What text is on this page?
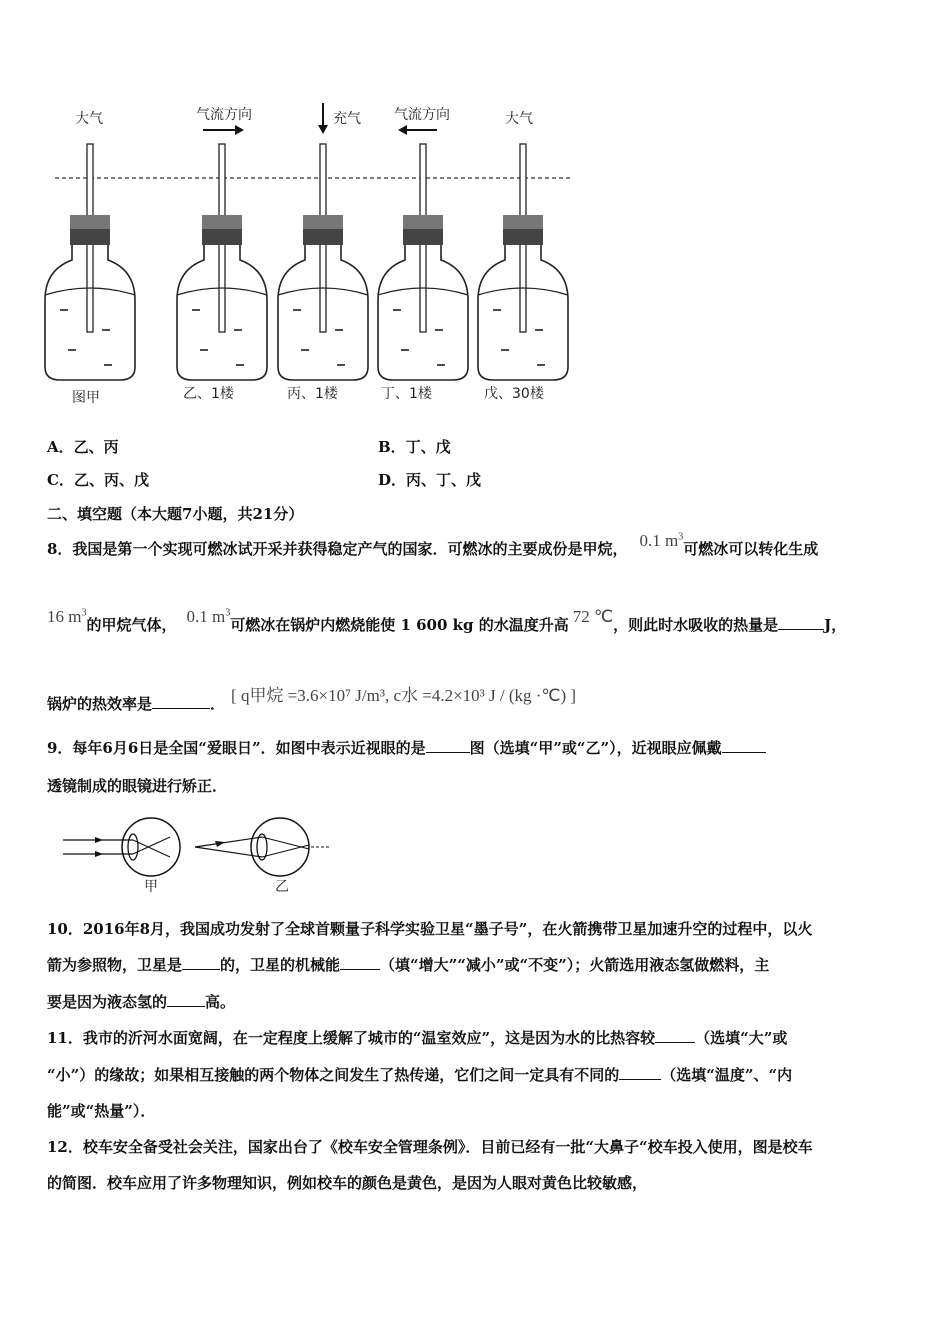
大气	气流方向	充气 气流方向	大气
图甲	乙、1楼	丙、1楼	丁、1楼	戊、30楼
A．乙、丙	B．丁、戊
C．乙、丙、戊	D．丙、丁、戊
二、填空题（本大题7小题，共21分）
8．我国是第一个实现可燃冰试开采并获得稳定产气的国家．可燃冰的主要成份是甲烷， 0.1 $m^3$可燃冰可以转化生成
16 $m^3$的甲烷气体， 0.1 $m^3$可燃冰在锅炉内燃烧能使 1 600 kg 的水温度升高 72 ℃，则此时水吸收的热量是	J，
锅炉的热效率是	． [ q甲烷 =3.6×10⁷ J/m³, c水 =4.2×10³ J / (kg ·℃) ]
9．每年6月6日是全国“爱眼日”．如图中表示近视眼的是	图（选填“甲”或“乙”），近视眼应佩戴
透镜制成的眼镜进行矫正．
甲	乙
10．2016年8月，我国成功发射了全球首颗量子科学实验卫星“墨子号”，在火箭携带卫星加速升空的过程中，以火
箭为参照物，卫星是	的，卫星的机械能	（填“增大”“减小”或“不变”）；火箭选用液态氢做燃料，主
要是因为液态氢的	高。
11．我市的沂河水面宽阔，在一定程度上缓解了城市的“温室效应”，这是因为水的比热容较	（选填“大”或
“小”）的缘故；如果相互接触的两个物体之间发生了热传递，它们之间一定具有不同的	（选填“温度”、“内
能”或“热量”）．
12．校车安全备受社会关注，国家出台了《校车安全管理条例》．目前已经有一批“大鼻子“校车投入使用，图是校车
的简图．校车应用了许多物理知识，例如校车的颜色是黄色，是因为人眼对黄色比较敏感，
